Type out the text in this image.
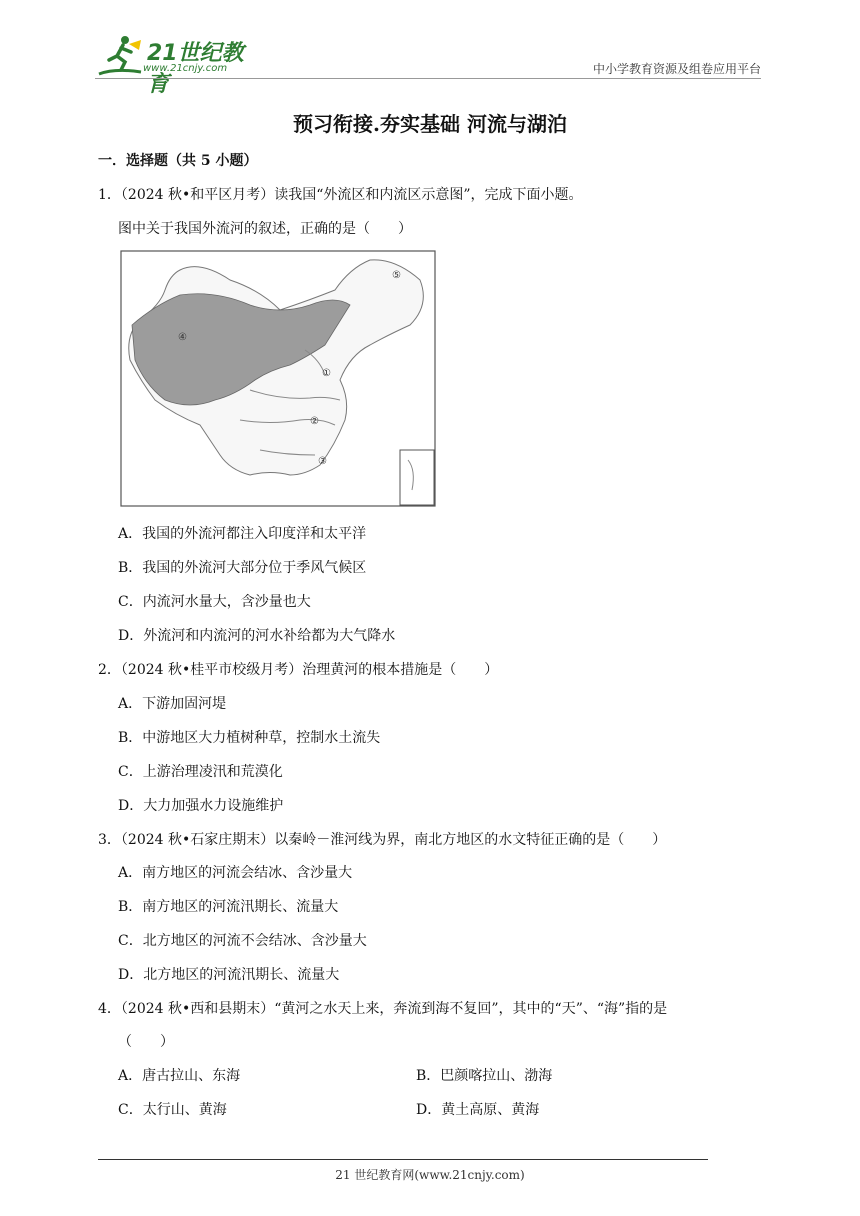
21世纪教育
www.21cnjy.com	中小学教育资源及组卷应用平台
预习衔接.夯实基础 河流与湖泊
一．选择题（共 5 小题）
1．（2024 秋•和平区月考）读我国“外流区和内流区示意图”，完成下面小题。
图中关于我国外流河的叙述，正确的是（　　）
①
②
③
④
⑤
A．我国的外流河都注入印度洋和太平洋
B．我国的外流河大部分位于季风气候区
C．内流河水量大，含沙量也大
D．外流河和内流河的河水补给都为大气降水
2．（2024 秋•桂平市校级月考）治理黄河的根本措施是（　　）
A．下游加固河堤
B．中游地区大力植树种草，控制水土流失
C．上游治理凌汛和荒漠化
D．大力加强水力设施维护
3．（2024 秋•石家庄期末）以秦岭－淮河线为界，南北方地区的水文特征正确的是（　　）
A．南方地区的河流会结冰、含沙量大
B．南方地区的河流汛期长、流量大
C．北方地区的河流不会结冰、含沙量大
D．北方地区的河流汛期长、流量大
4．（2024 秋•西和县期末）“黄河之水天上来，奔流到海不复回”，其中的“天”、“海”指的是
（　　）
A．唐古拉山、东海	B．巴颜喀拉山、渤海
C．太行山、黄海	D．黄土高原、黄海
21 世纪教育网(www.21cnjy.com)
